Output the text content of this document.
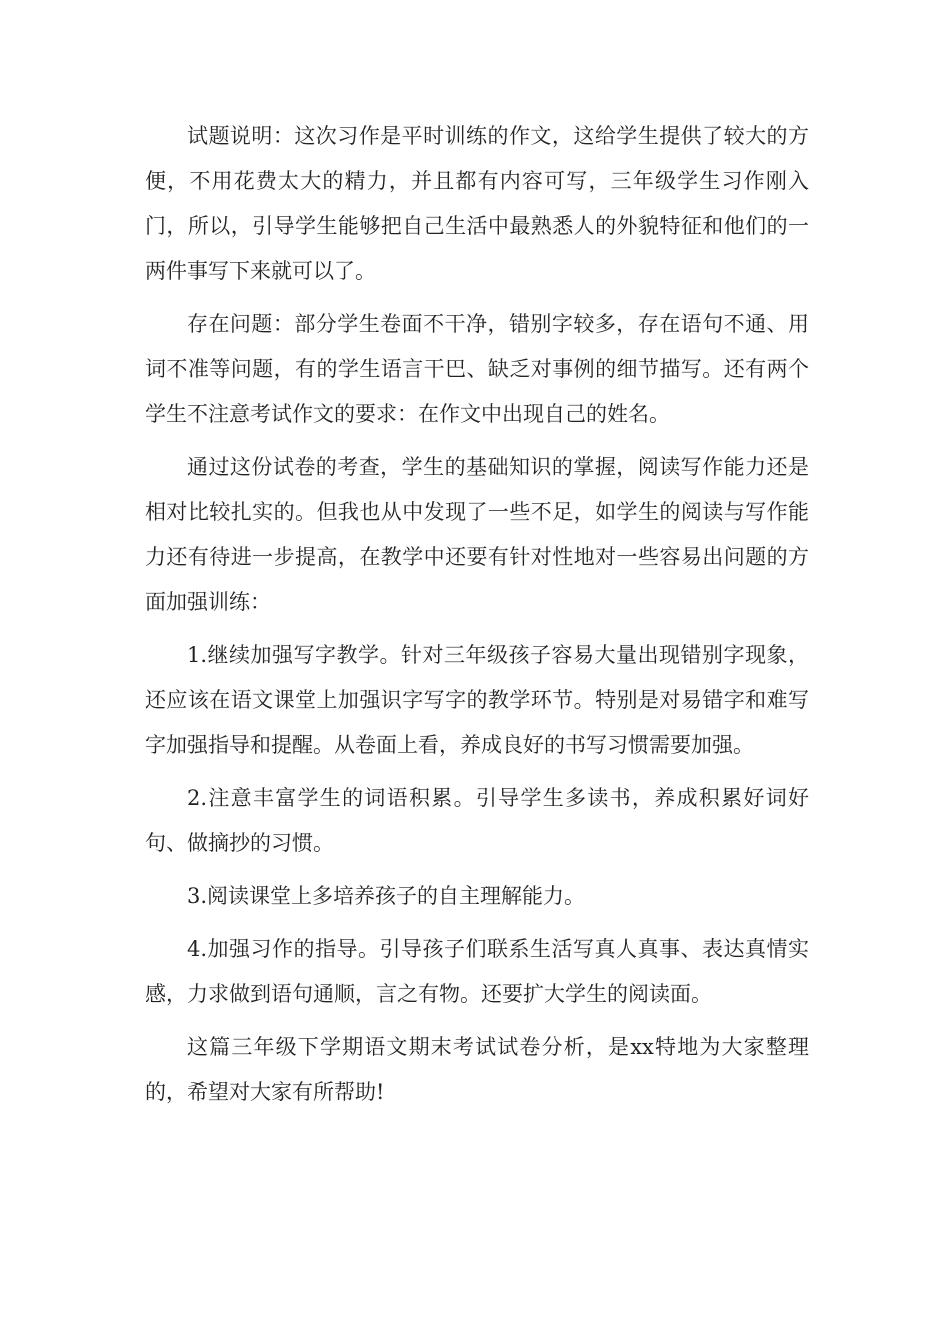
试题说明：这次习作是平时训练的作文，这给学生提供了较大的方便，不用花费太大的精力，并且都有内容可写，三年级学生习作刚入门，所以，引导学生能够把自己生活中最熟悉人的外貌特征和他们的一两件事写下来就可以了。

存在问题：部分学生卷面不干净，错别字较多，存在语句不通、用词不准等问题，有的学生语言干巴、缺乏对事例的细节描写。还有两个学生不注意考试作文的要求：在作文中出现自己的姓名。

通过这份试卷的考查，学生的基础知识的掌握，阅读写作能力还是相对比较扎实的。但我也从中发现了一些不足，如学生的阅读与写作能力还有待进一步提高，在教学中还要有针对性地对一些容易出问题的方面加强训练：

1.继续加强写字教学。针对三年级孩子容易大量出现错别字现象，还应该在语文课堂上加强识字写字的教学环节。特别是对易错字和难写字加强指导和提醒。从卷面上看，养成良好的书写习惯需要加强。

2.注意丰富学生的词语积累。引导学生多读书，养成积累好词好句、做摘抄的习惯。

3.阅读课堂上多培养孩子的自主理解能力。

4.加强习作的指导。引导孩子们联系生活写真人真事、表达真情实感，力求做到语句通顺，言之有物。还要扩大学生的阅读面。

这篇三年级下学期语文期末考试试卷分析，是xx特地为大家整理的，希望对大家有所帮助!
